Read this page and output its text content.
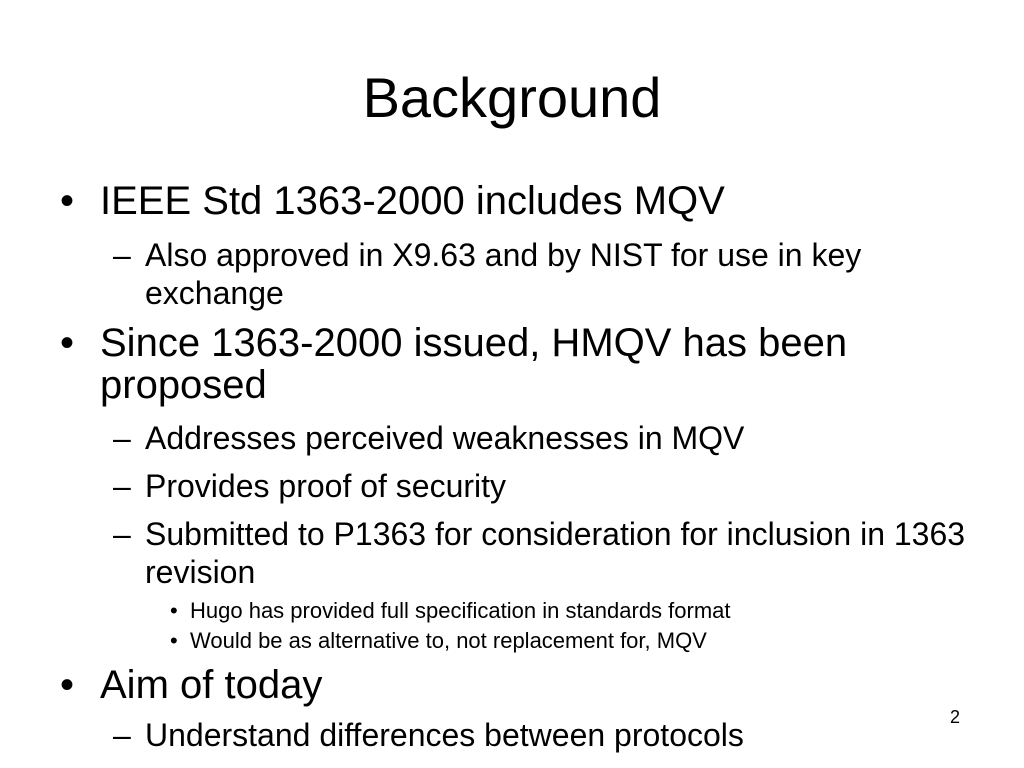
Background
• IEEE Std 1363-2000 includes MQV
– Also approved in X9.63 and by NIST for use in key exchange
• Since 1363-2000 issued, HMQV has been proposed
– Addresses perceived weaknesses in MQV
– Provides proof of security
– Submitted to P1363 for consideration for inclusion in 1363 revision
• Hugo has provided full specification in standards format
• Would be as alternative to, not replacement for, MQV
• Aim of today
– Understand differences between protocols	2
